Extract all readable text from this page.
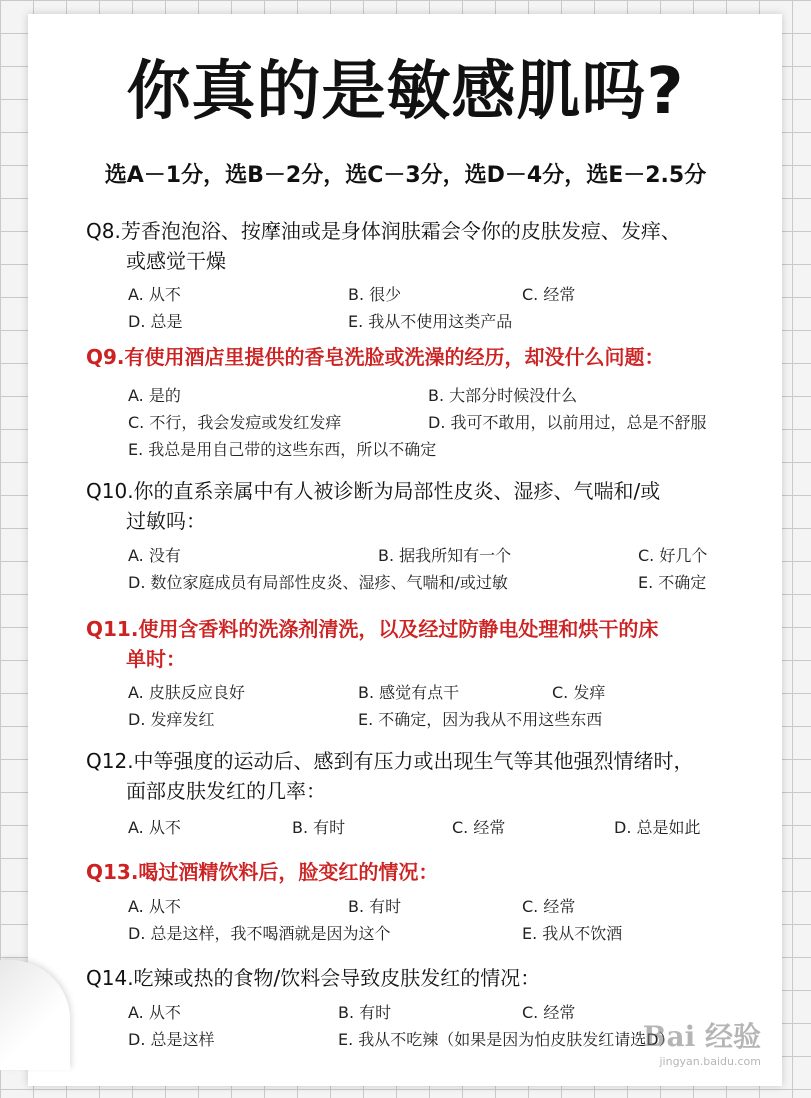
你真的是敏感肌吗?
选A－1分，选B－2分，选C－3分，选D－4分，选E－2.5分
Q8.芳香泡泡浴、按摩油或是身体润肤霜会令你的皮肤发痘、发痒、
或感觉干燥
A. 从不	B. 很少	C. 经常
D. 总是	E. 我从不使用这类产品
Q9.有使用酒店里提供的香皂洗脸或洗澡的经历，却没什么问题：
A. 是的	B. 大部分时候没什么
C. 不行，我会发痘或发红发痒	D. 我可不敢用，以前用过，总是不舒服
E. 我总是用自己带的这些东西，所以不确定
Q10.你的直系亲属中有人被诊断为局部性皮炎、湿疹、气喘和/或
过敏吗：
A. 没有	B. 据我所知有一个	C. 好几个
D. 数位家庭成员有局部性皮炎、湿疹、气喘和/或过敏	E. 不确定
Q11.使用含香料的洗涤剂清洗，以及经过防静电处理和烘干的床
单时：
A. 皮肤反应良好	B. 感觉有点干	C. 发痒
D. 发痒发红	E. 不确定，因为我从不用这些东西
Q12.中等强度的运动后、感到有压力或出现生气等其他强烈情绪时，
面部皮肤发红的几率：
A. 从不	B. 有时	C. 经常	D. 总是如此
Q13.喝过酒精饮料后，脸变红的情况：
A. 从不	B. 有时	C. 经常
D. 总是这样，我不喝酒就是因为这个	E. 我从不饮酒
Q14.吃辣或热的食物/饮料会导致皮肤发红的情况：
A. 从不	B. 有时	C. 经常
D. 总是这样	E. 我从不吃辣（如果是因为怕皮肤发红请选D）
Bai 经验
jingyan.baidu.com
